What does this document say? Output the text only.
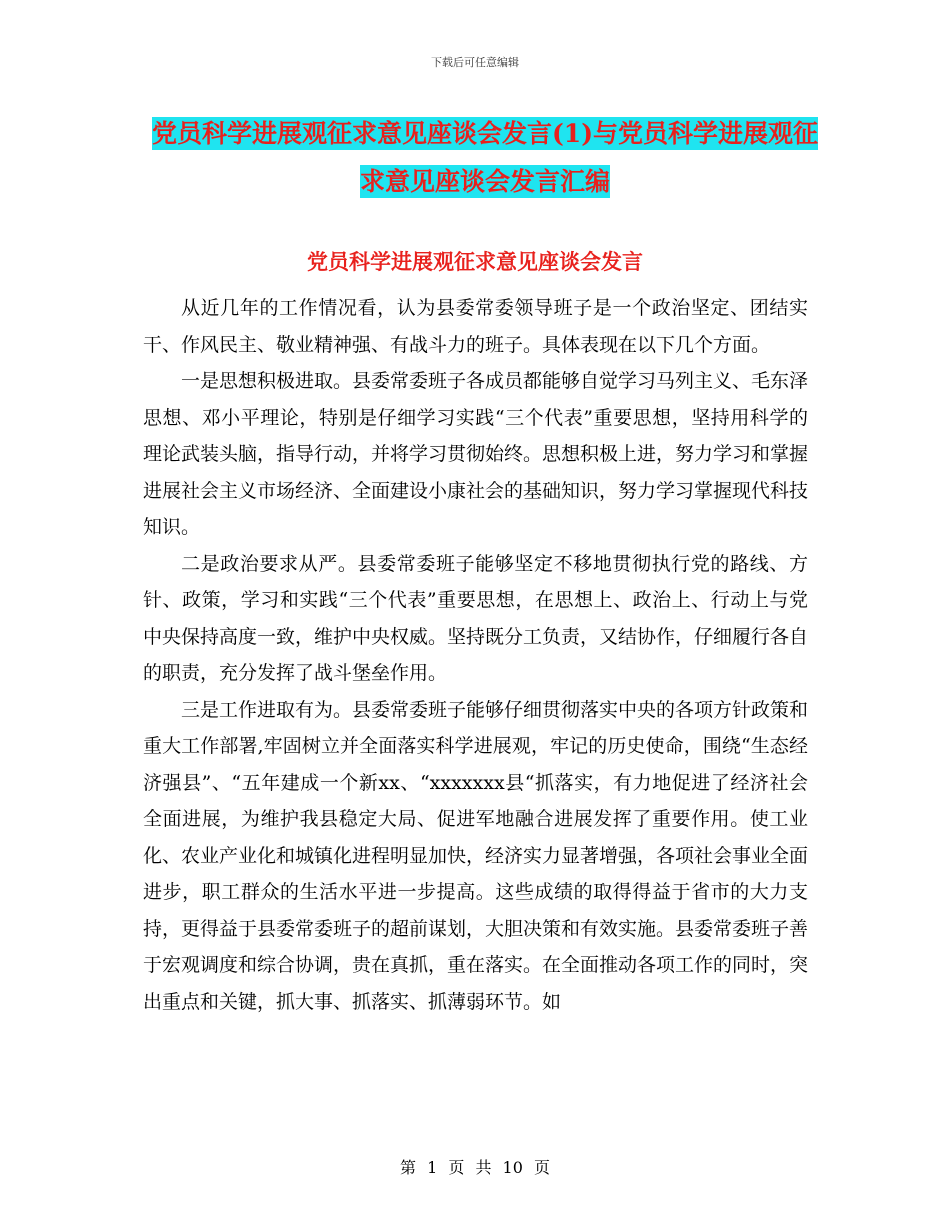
下载后可任意编辑
党员科学进展观征求意见座谈会发言(1)与党员科学进展观征求意见座谈会发言汇编
党员科学进展观征求意见座谈会发言

从近几年的工作情况看，认为县委常委领导班子是一个政治坚定、团结实干、作风民主、敬业精神强、有战斗力的班子。具体表现在以下几个方面。

一是思想积极进取。县委常委班子各成员都能够自觉学习马列主义、毛东泽思想、邓小平理论，特别是仔细学习实践“三个代表”重要思想，坚持用科学的理论武装头脑，指导行动，并将学习贯彻始终。思想积极上进，努力学习和掌握进展社会主义市场经济、全面建设小康社会的基础知识，努力学习掌握现代科技知识。

二是政治要求从严。县委常委班子能够坚定不移地贯彻执行党的路线、方针、政策，学习和实践“三个代表”重要思想，在思想上、政治上、行动上与党中央保持高度一致，维护中央权威。坚持既分工负责，又结协作，仔细履行各自的职责，充分发挥了战斗堡垒作用。

三是工作进取有为。县委常委班子能够仔细贯彻落实中央的各项方针政策和重大工作部署,牢固树立并全面落实科学进展观，牢记的历史使命，围绕“生态经济强县”、“五年建成一个新xx、“xxxxxxx县“抓落实，有力地促进了经济社会全面进展，为维护我县稳定大局、促进军地融合进展发挥了重要作用。使工业化、农业产业化和城镇化进程明显加快，经济实力显著增强，各项社会事业全面进步，职工群众的生活水平进一步提高。这些成绩的取得得益于省市的大力支持，更得益于县委常委班子的超前谋划，大胆决策和有效实施。县委常委班子善于宏观调度和综合协调，贵在真抓，重在落实。在全面推动各项工作的同时，突出重点和关键，抓大事、抓落实、抓薄弱环节。如

第 1 页 共 10 页
